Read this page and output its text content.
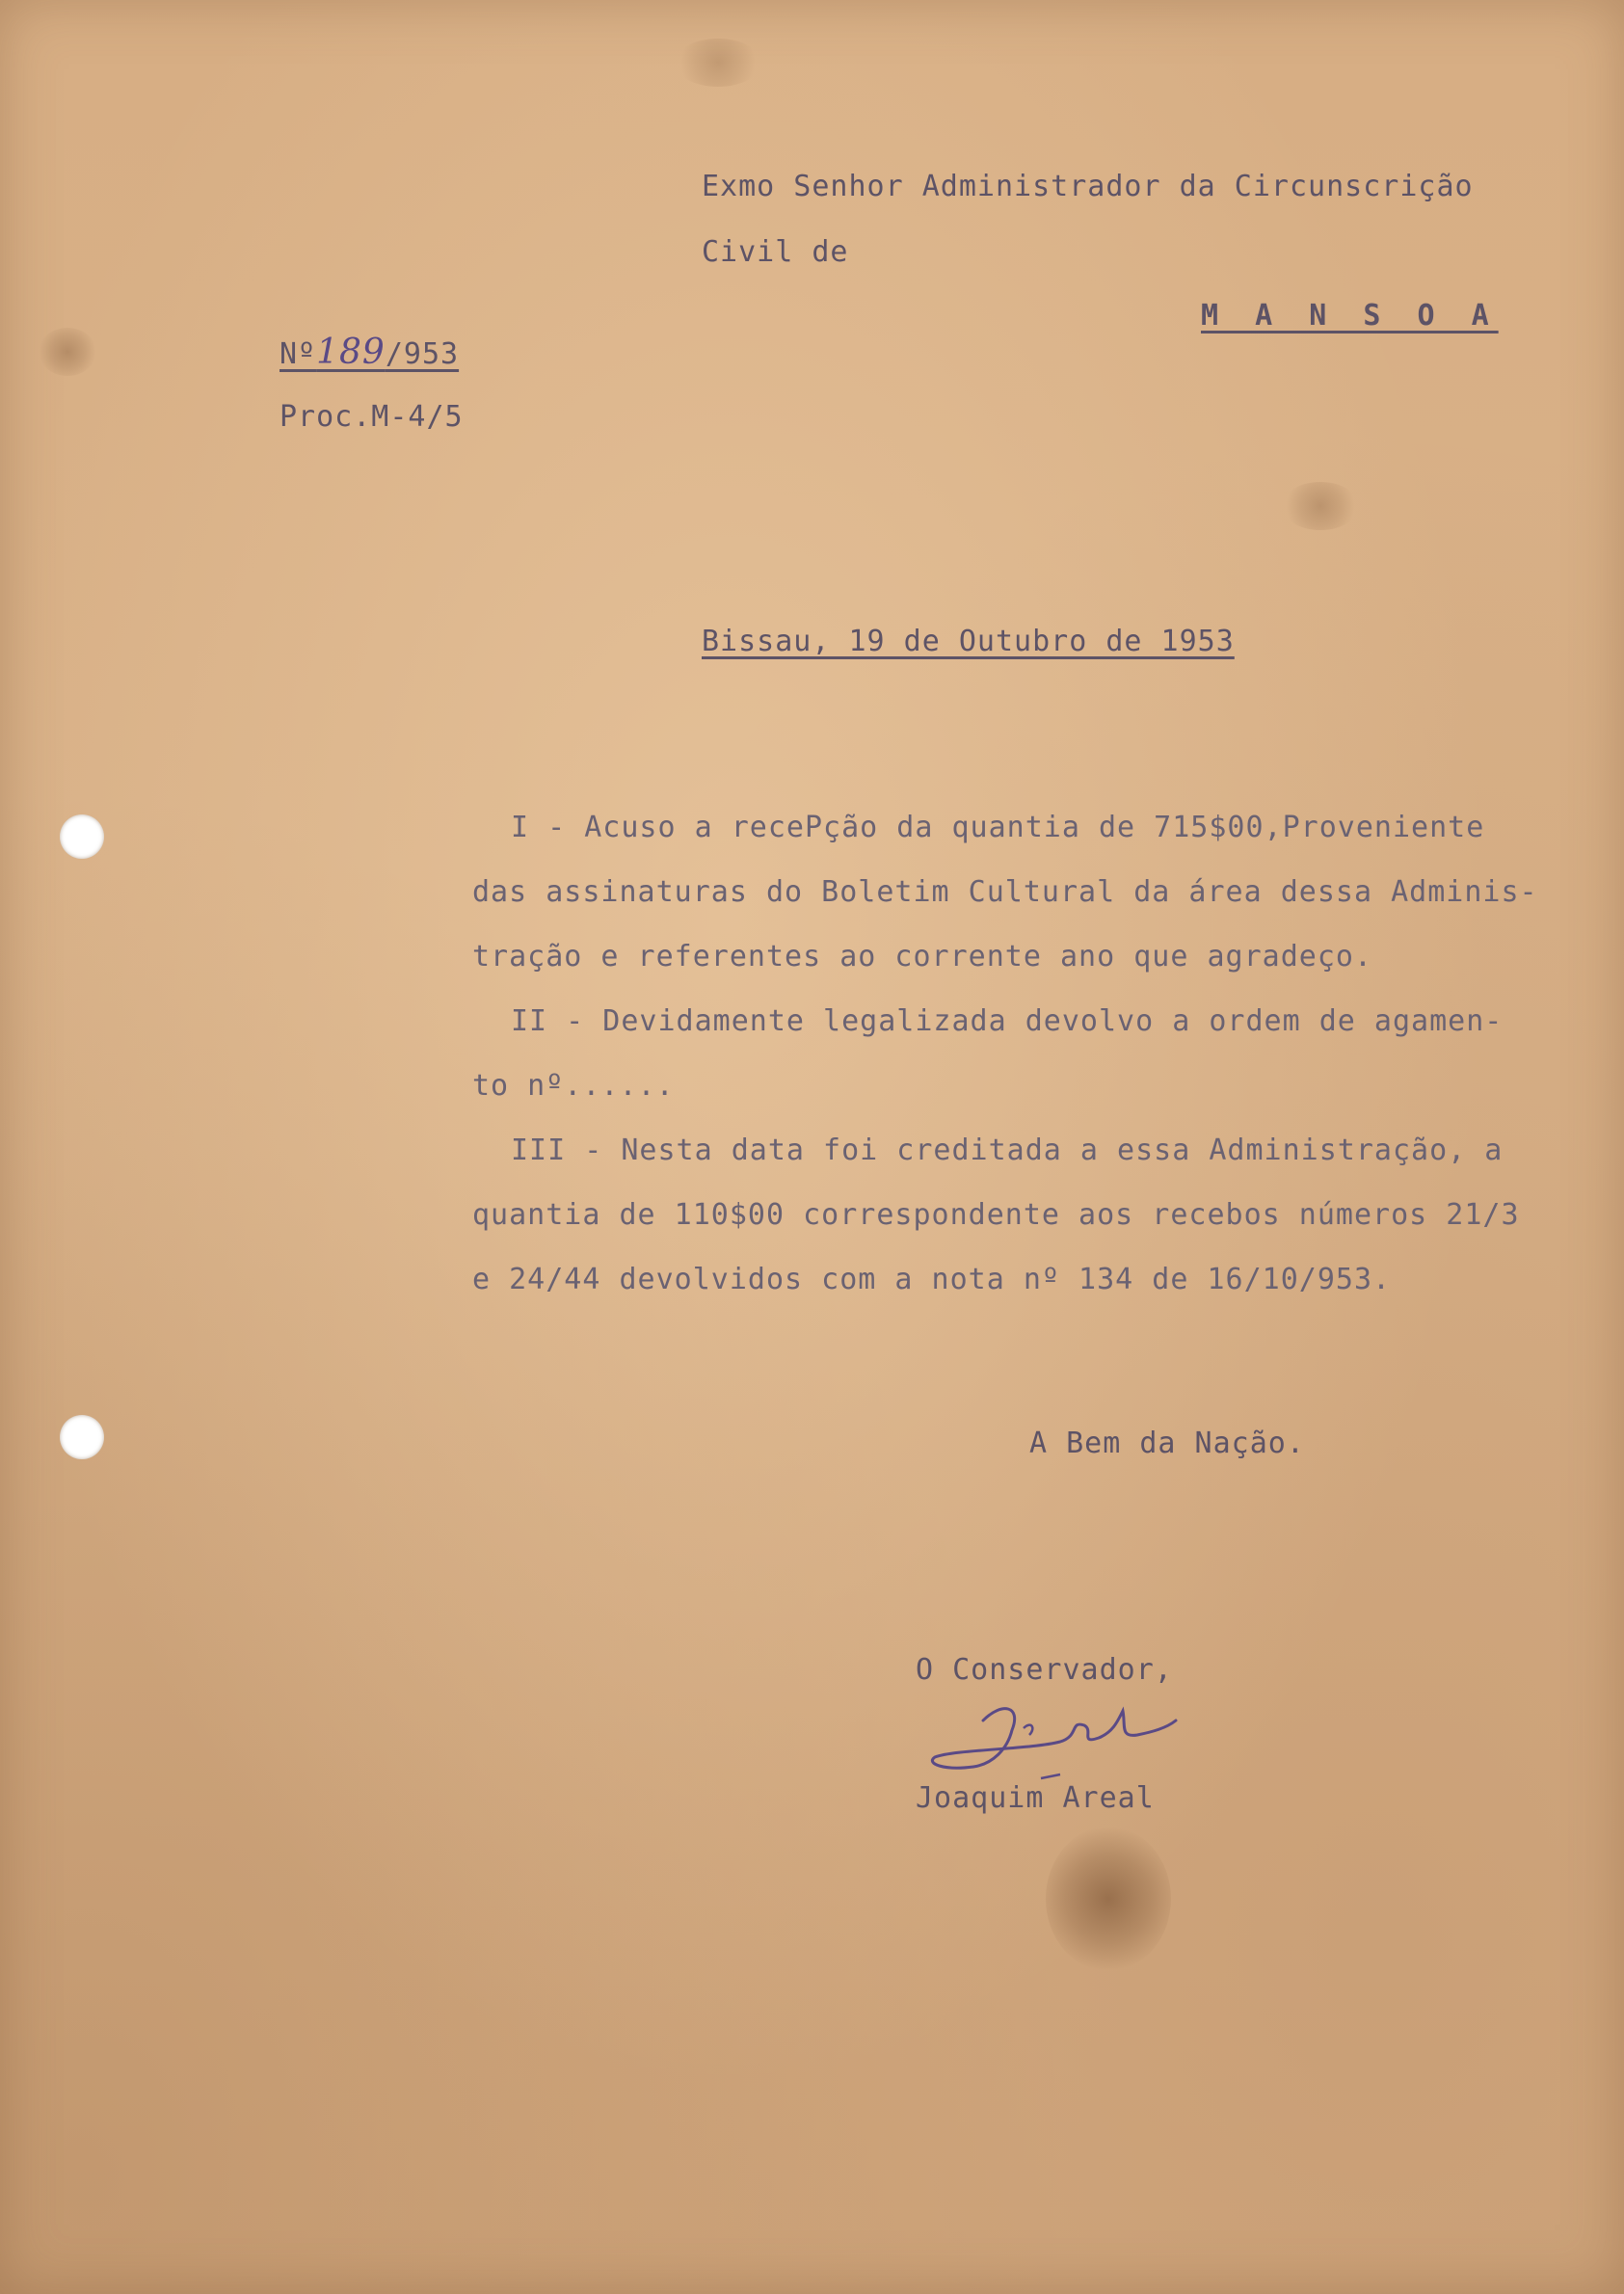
Exmo Senhor Administrador da Circunscrição
Civil de
M A N S O A
Nº189/953
Proc.M-4/5
Bissau, 19 de Outubro de 1953
I - Acuso a recePção da quantia de 715$00,Proveniente
das assinaturas do Boletim Cultural da área dessa Adminis-
tração e referentes ao corrente ano que agradeço.
II - Devidamente legalizada devolvo a ordem de agamen-
to nº......
III - Nesta data foi creditada a essa Administração, a
quantia de 110$00 correspondente aos recebos números 21/3
e 24/44 devolvidos com a nota nº 134 de 16/10/953.
A Bem da Nação.
O Conservador,
Joaquim Areal
